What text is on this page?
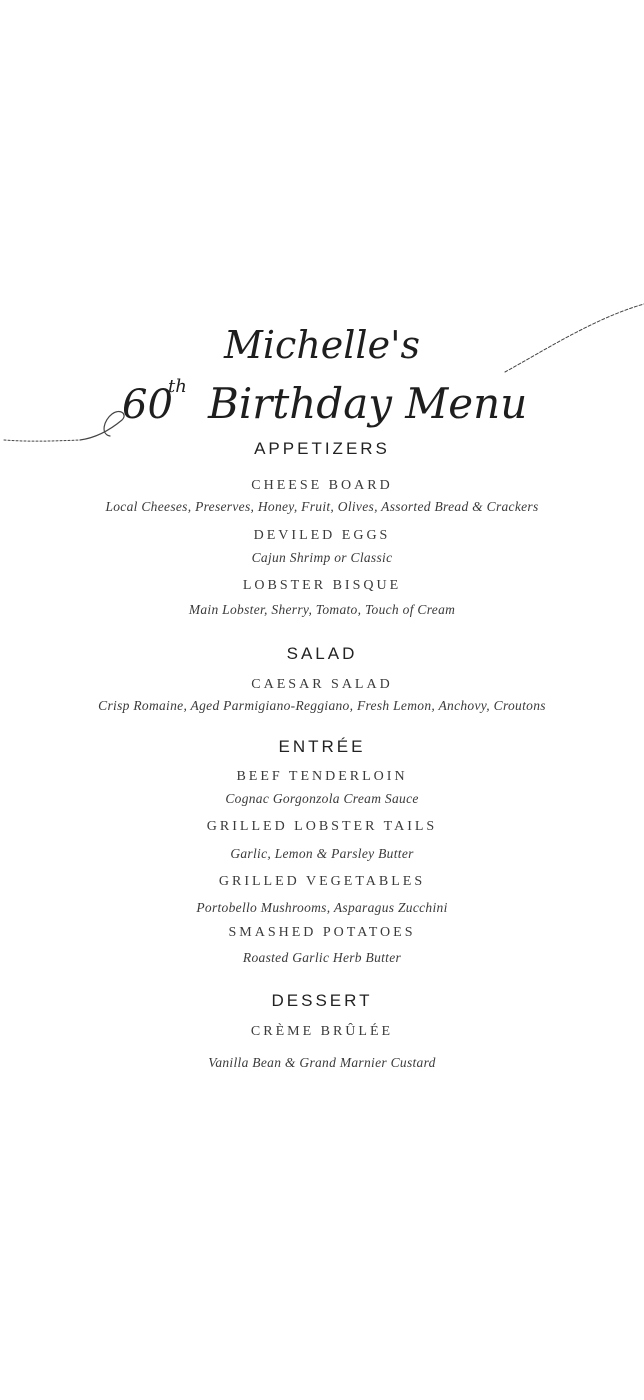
Michelle's
60
th Birthday Menu
APPETIZERS
CHEESE BOARD
Local Cheeses, Preserves, Honey, Fruit, Olives, Assorted Bread & Crackers
DEVILED EGGS
Cajun Shrimp or Classic
LOBSTER BISQUE
Main Lobster, Sherry, Tomato, Touch of Cream
SALAD
CAESAR SALAD
Crisp Romaine, Aged Parmigiano-Reggiano, Fresh Lemon, Anchovy, Croutons
ENTRÉE
BEEF TENDERLOIN
Cognac Gorgonzola Cream Sauce
GRILLED LOBSTER TAILS
Garlic, Lemon & Parsley Butter
GRILLED VEGETABLES
Portobello Mushrooms, Asparagus Zucchini
SMASHED POTATOES
Roasted Garlic Herb Butter
DESSERT
CRÈME BRÛLÉE
Vanilla Bean & Grand Marnier Custard
